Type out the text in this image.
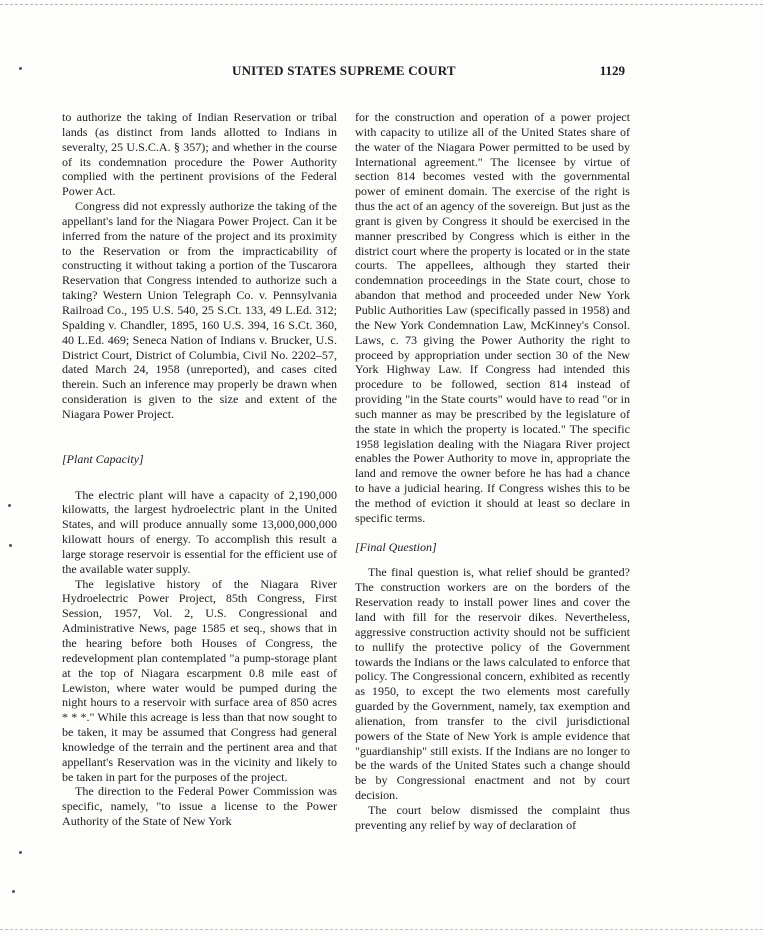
UNITED STATES SUPREME COURT	1129

to authorize the taking of Indian Reservation or tribal lands (as distinct from lands allotted to Indians in severalty, 25 U.S.C.A. § 357); and whether in the course of its condemnation procedure the Power Authority complied with the pertinent provisions of the Federal Power Act.

Congress did not expressly authorize the taking of the appellant's land for the Niagara Power Project. Can it be inferred from the nature of the project and its proximity to the Reservation or from the impracticability of constructing it without taking a portion of the Tuscarora Reservation that Congress intended to authorize such a taking? Western Union Telegraph Co. v. Pennsylvania Railroad Co., 195 U.S. 540, 25 S.Ct. 133, 49 L.Ed. 312; Spalding v. Chandler, 1895, 160 U.S. 394, 16 S.Ct. 360, 40 L.Ed. 469; Seneca Nation of Indians v. Brucker, U.S. District Court, District of Columbia, Civil No. 2202–57, dated March 24, 1958 (unreported), and cases cited therein. Such an inference may properly be drawn when consideration is given to the size and extent of the Niagara Power Project.

[Plant Capacity]

The electric plant will have a capacity of 2,190,000 kilowatts, the largest hydroelectric plant in the United States, and will produce annually some 13,000,000,000 kilowatt hours of energy. To accomplish this result a large storage reservoir is essential for the efficient use of the available water supply.

The legislative history of the Niagara River Hydroelectric Power Project, 85th Congress, First Session, 1957, Vol. 2, U.S. Congressional and Administrative News, page 1585 et seq., shows that in the hearing before both Houses of Congress, the redevelopment plan contemplated "a pump-storage plant at the top of Niagara escarpment 0.8 mile east of Lewiston, where water would be pumped during the night hours to a reservoir with surface area of 850 acres * * *." While this acreage is less than that now sought to be taken, it may be assumed that Congress had general knowledge of the terrain and the pertinent area and that appellant's Reservation was in the vicinity and likely to be taken in part for the purposes of the project.

The direction to the Federal Power Commission was specific, namely, "to issue a license to the Power Authority of the State of New York

for the construction and operation of a power project with capacity to utilize all of the United States share of the water of the Niagara Power permitted to be used by International agreement." The licensee by virtue of section 814 becomes vested with the governmental power of eminent domain. The exercise of the right is thus the act of an agency of the sovereign. But just as the grant is given by Congress it should be exercised in the manner prescribed by Congress which is either in the district court where the property is located or in the state courts. The appellees, although they started their condemnation proceedings in the State court, chose to abandon that method and proceeded under New York Public Authorities Law (specifically passed in 1958) and the New York Condemnation Law, McKinney's Consol. Laws, c. 73 giving the Power Authority the right to proceed by appropriation under section 30 of the New York Highway Law. If Congress had intended this procedure to be followed, section 814 instead of providing "in the State courts" would have to read "or in such manner as may be prescribed by the legislature of the state in which the property is located." The specific 1958 legislation dealing with the Niagara River project enables the Power Authority to move in, appropriate the land and remove the owner before he has had a chance to have a judicial hearing. If Congress wishes this to be the method of eviction it should at least so declare in specific terms.

[Final Question]

The final question is, what relief should be granted? The construction workers are on the borders of the Reservation ready to install power lines and cover the land with fill for the reservoir dikes. Nevertheless, aggressive construction activity should not be sufficient to nullify the protective policy of the Government towards the Indians or the laws calculated to enforce that policy. The Congressional concern, exhibited as recently as 1950, to except the two elements most carefully guarded by the Government, namely, tax exemption and alienation, from transfer to the civil jurisdictional powers of the State of New York is ample evidence that "guardianship" still exists. If the Indians are no longer to be the wards of the United States such a change should be by Congressional enactment and not by court decision.

The court below dismissed the complaint thus preventing any relief by way of declaration of
